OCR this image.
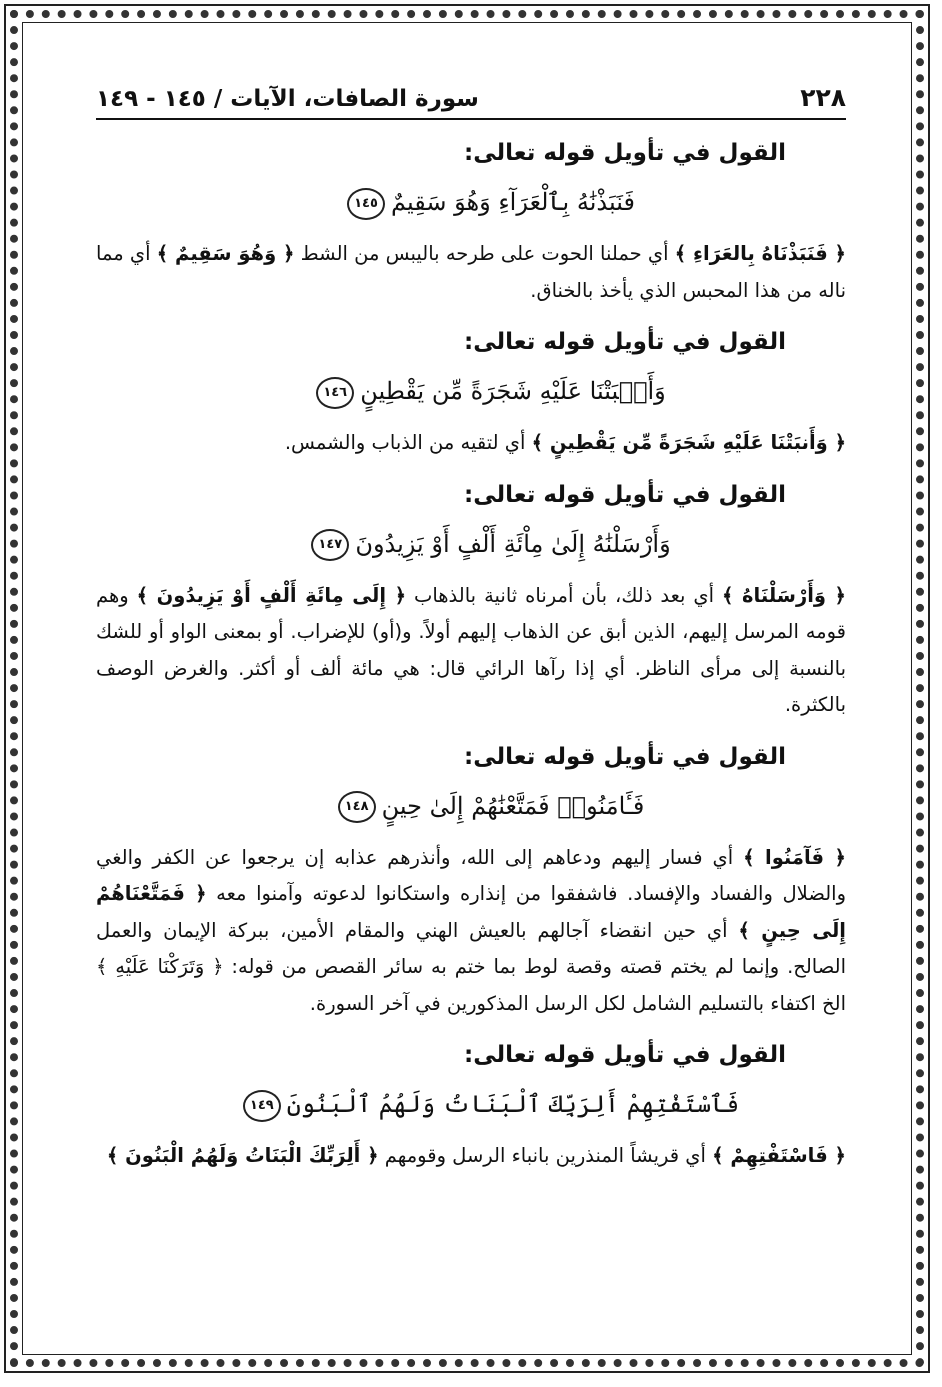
٢٢٨
سورة الصافات، الآيات / ١٤٥ - ١٤٩
القول في تأويل قوله تعالى:
فَنَبَذْنَٰهُ بِٱلْعَرَآءِ وَهُوَ سَقِيمٌ١٤٥

﴿ فَنَبَذْنَاهُ بِالعَرَاءِ ﴾ أي حملنا الحوت على طرحه باليبس من الشط ﴿ وَهُوَ سَقِيمٌ ﴾ أي مما ناله من هذا المحبس الذي يأخذ بالخناق.

القول في تأويل قوله تعالى:
وَأَنۢبَتْنَا عَلَيْهِ شَجَرَةً مِّن يَقْطِينٍ١٤٦

﴿ وَأَنبَتْنَا عَلَيْهِ شَجَرَةً مِّن يَقْطِينٍ ﴾ أي لتقيه من الذباب والشمس.

القول في تأويل قوله تعالى:
وَأَرْسَلْنَٰهُ إِلَىٰ مِاْئَةِ أَلْفٍ أَوْ يَزِيدُونَ١٤٧

﴿ وَأَرْسَلْنَاهُ ﴾ أي بعد ذلك، بأن أمرناه ثانية بالذهاب ﴿ إِلَى مِائَةِ أَلْفٍ أَوْ يَزِيدُونَ ﴾ وهم قومه المرسل إليهم، الذين أبق عن الذهاب إليهم أولاً. و(أو) للإضراب. أو بمعنى الواو أو للشك بالنسبة إلى مرأى الناظر. أي إذا رآها الرائي قال: هي مائة ألف أو أكثر. والغرض الوصف بالكثرة.

القول في تأويل قوله تعالى:
فَـَٔامَنُوا۟ فَمَتَّعْنَٰهُمْ إِلَىٰ حِينٍ١٤٨

﴿ فَآمَنُوا ﴾ أي فسار إليهم ودعاهم إلى الله، وأنذرهم عذابه إن يرجعوا عن الكفر والغي والضلال والفساد والإفساد. فاشفقوا من إنذاره واستكانوا لدعوته وآمنوا معه ﴿ فَمَتَّعْنَاهُمْ إِلَى حِينٍ ﴾ أي حين انقضاء آجالهم بالعيش الهني والمقام الأمين، ببركة الإيمان والعمل الصالح. وإنما لم يختم قصته وقصة لوط بما ختم به سائر القصص من قوله: ﴿ وَتَرَكْنَا عَلَيْهِ ﴾ الخ اكتفاء بالتسليم الشامل لكل الرسل المذكورين في آخر السورة.

القول في تأويل قوله تعالى:
فَٱسْتَفْتِهِمْ أَلِرَبِّكَ ٱلْبَنَاتُ وَلَهُمُ ٱلْبَنُونَ١٤٩

﴿ فَاسْتَفْتِهِمْ ﴾ أي قريشاً المنذرين بانباء الرسل وقومهم ﴿ أَلِرَبِّكَ الْبَنَاتُ وَلَهُمُ الْبَنُونَ ﴾
